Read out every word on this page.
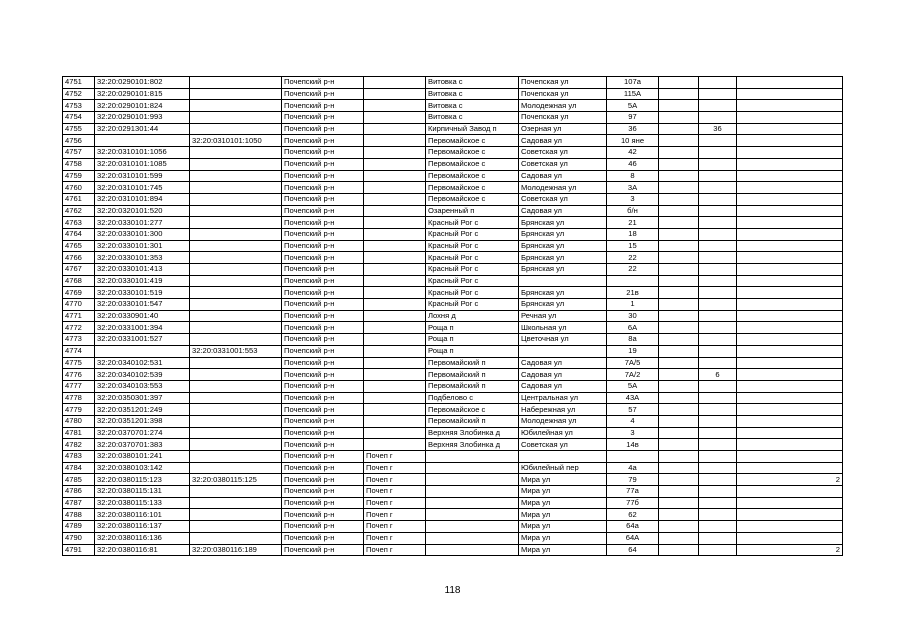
4751	32:20:0290101:802		Почепский р-н		Витовка с	Почепская ул	107а			
4752	32:20:0290101:815		Почепский р-н		Витовка с	Почепская ул	115А			
4753	32:20:0290101:824		Почепский р-н		Витовка с	Молодежная ул	5А			
4754	32:20:0290101:993		Почепский р-н		Витовка с	Почепская ул	97			
4755	32:20:0291301:44		Почепский р-н		Кирпичный Завод п	Озерная ул	36		36	
4756		32:20:0310101:1050	Почепский р-н		Первомайское с	Садовая ул	10 яне			
4757	32:20:0310101:1056		Почепский р-н		Первомайское с	Советская ул	42			
4758	32:20:0310101:1085		Почепский р-н		Первомайское с	Советская ул	46			
4759	32:20:0310101:599		Почепский р-н		Первомайское с	Садовая ул	8			
4760	32:20:0310101:745		Почепский р-н		Первомайское с	Молодежная ул	3А			
4761	32:20:0310101:894		Почепский р-н		Первомайское с	Советская ул	3			
4762	32:20:0320101:520		Почепский р-н		Озаренный п	Садовая ул	б/н			
4763	32:20:0330101:277		Почепский р-н		Красный Рог с	Брянская ул	21			
4764	32:20:0330101:300		Почепский р-н		Красный Рог с	Брянская ул	18			
4765	32:20:0330101:301		Почепский р-н		Красный Рог с	Брянская ул	15			
4766	32:20:0330101:353		Почепский р-н		Красный Рог с	Брянская ул	22			
4767	32:20:0330101:413		Почепский р-н		Красный Рог с	Брянская ул	22			
4768	32:20:0330101:419		Почепский р-н		Красный Рог с					
4769	32:20:0330101:519		Почепский р-н		Красный Рог с	Брянская ул	21в			
4770	32:20:0330101:547		Почепский р-н		Красный Рог с	Брянская ул	1			
4771	32:20:0330901:40		Почепский р-н		Лохня д	Речная ул	30			
4772	32:20:0331001:394		Почепский р-н		Роща п	Школьная ул	6А			
4773	32:20:0331001:527		Почепский р-н		Роща п	Цветочная ул	8а			
4774		32:20:0331001:553	Почепский р-н		Роща п		19			
4775	32:20:0340102:531		Почепский р-н		Первомайский п	Садовая ул	7А/5			
4776	32:20:0340102:539		Почепский р-н		Первомайский п	Садовая ул	7А/2		6	
4777	32:20:0340103:553		Почепский р-н		Первомайский п	Садовая ул	5А			
4778	32:20:0350301:397		Почепский р-н		Подбелово с	Центральная ул	43А			
4779	32:20:0351201:249		Почепский р-н		Первомайское с	Набережная ул	57			
4780	32:20:0351201:398		Почепский р-н		Первомайский п	Молодежная ул	4			
4781	32:20:0370701:274		Почепский р-н		Верхняя Злобинка д	Юбилейная ул	3			
4782	32:20:0370701:383		Почепский р-н		Верхняя Злобинка д	Советская ул	14в			
4783	32:20:0380101:241		Почепский р-н	Почеп г						
4784	32:20:0380103:142		Почепский р-н	Почеп г		Юбилейный пер	4а			
4785	32:20:0380115:123	32:20:0380115:125	Почепский р-н	Почеп г		Мира ул	79			2
4786	32:20:0380115:131		Почепский р-н	Почеп г		Мира ул	77а			
4787	32:20:0380115:133		Почепский р-н	Почеп г		Мира ул	77б			
4788	32:20:0380116:101		Почепский р-н	Почеп г		Мира ул	62			
4789	32:20:0380116:137		Почепский р-н	Почеп г		Мира ул	64а			
4790	32:20:0380116:136		Почепский р-н	Почеп г		Мира ул	64А			
4791	32:20:0380116:81	32:20:0380116:189	Почепский р-н	Почеп г		Мира ул	64			2
118
